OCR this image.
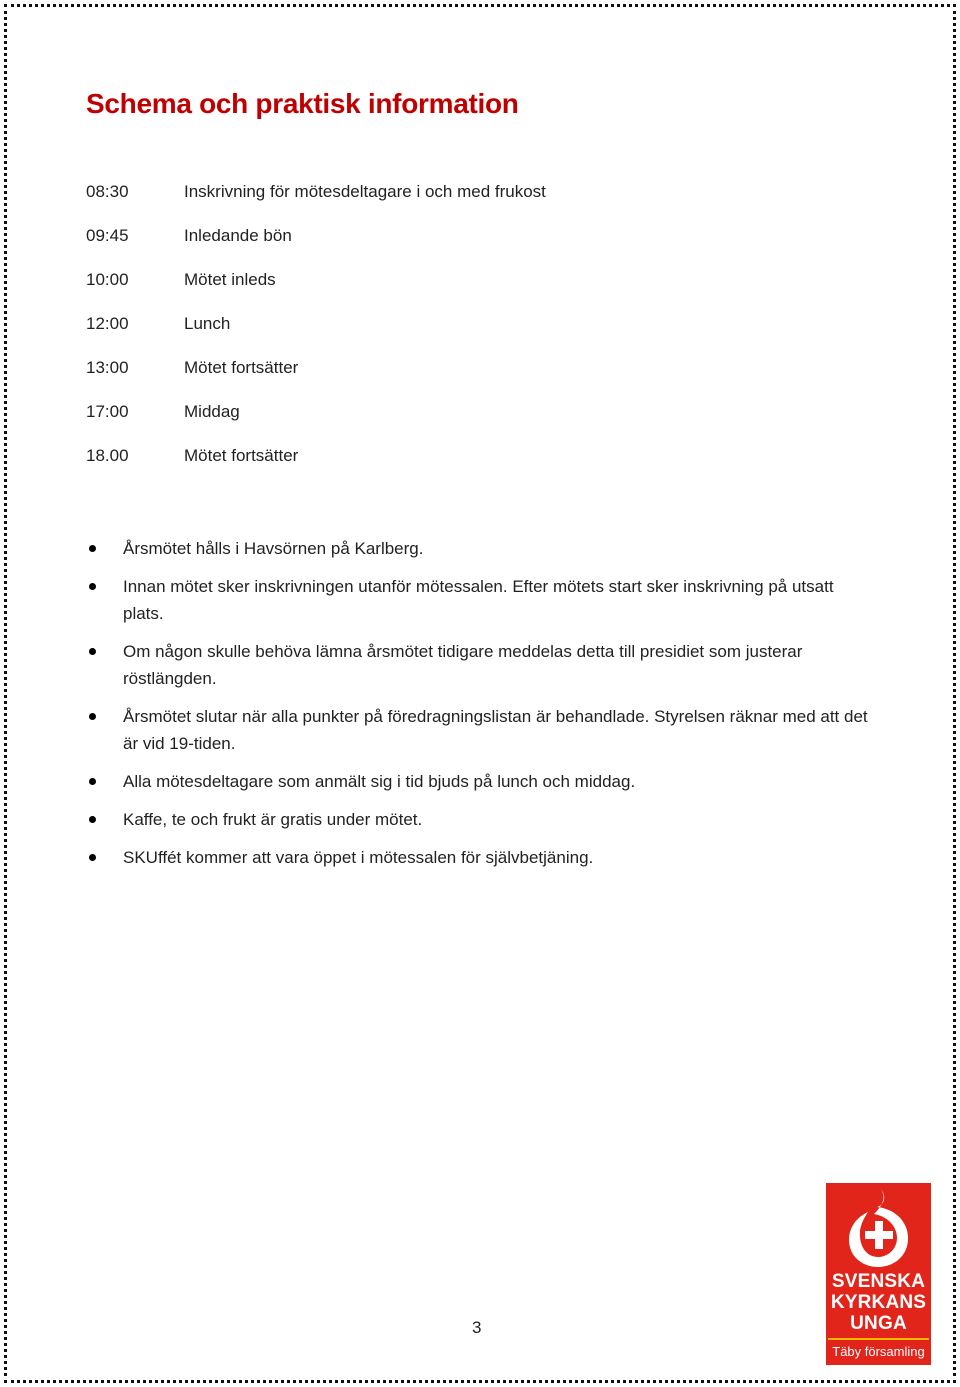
Schema och praktisk information
08:30	Inskrivning för mötesdeltagare i och med frukost
09:45	Inledande bön
10:00	Mötet inleds
12:00	Lunch
13:00	Mötet fortsätter
17:00	Middag
18.00	Mötet fortsätter
Årsmötet hålls i Havsörnen på Karlberg.
Innan mötet sker inskrivningen utanför mötessalen. Efter mötets start sker inskrivning på utsatt plats.
Om någon skulle behöva lämna årsmötet tidigare meddelas detta till presidiet som justerar röstlängden.
Årsmötet slutar när alla punkter på föredragningslistan är behandlade. Styrelsen räknar med att det är vid 19-tiden.
Alla mötesdeltagare som anmält sig i tid bjuds på lunch och middag.
Kaffe, te och frukt är gratis under mötet.
SKUffét kommer att vara öppet i mötessalen för självbetjäning.
3
SVENSKA
KYRKANS
UNGA
Täby församling
